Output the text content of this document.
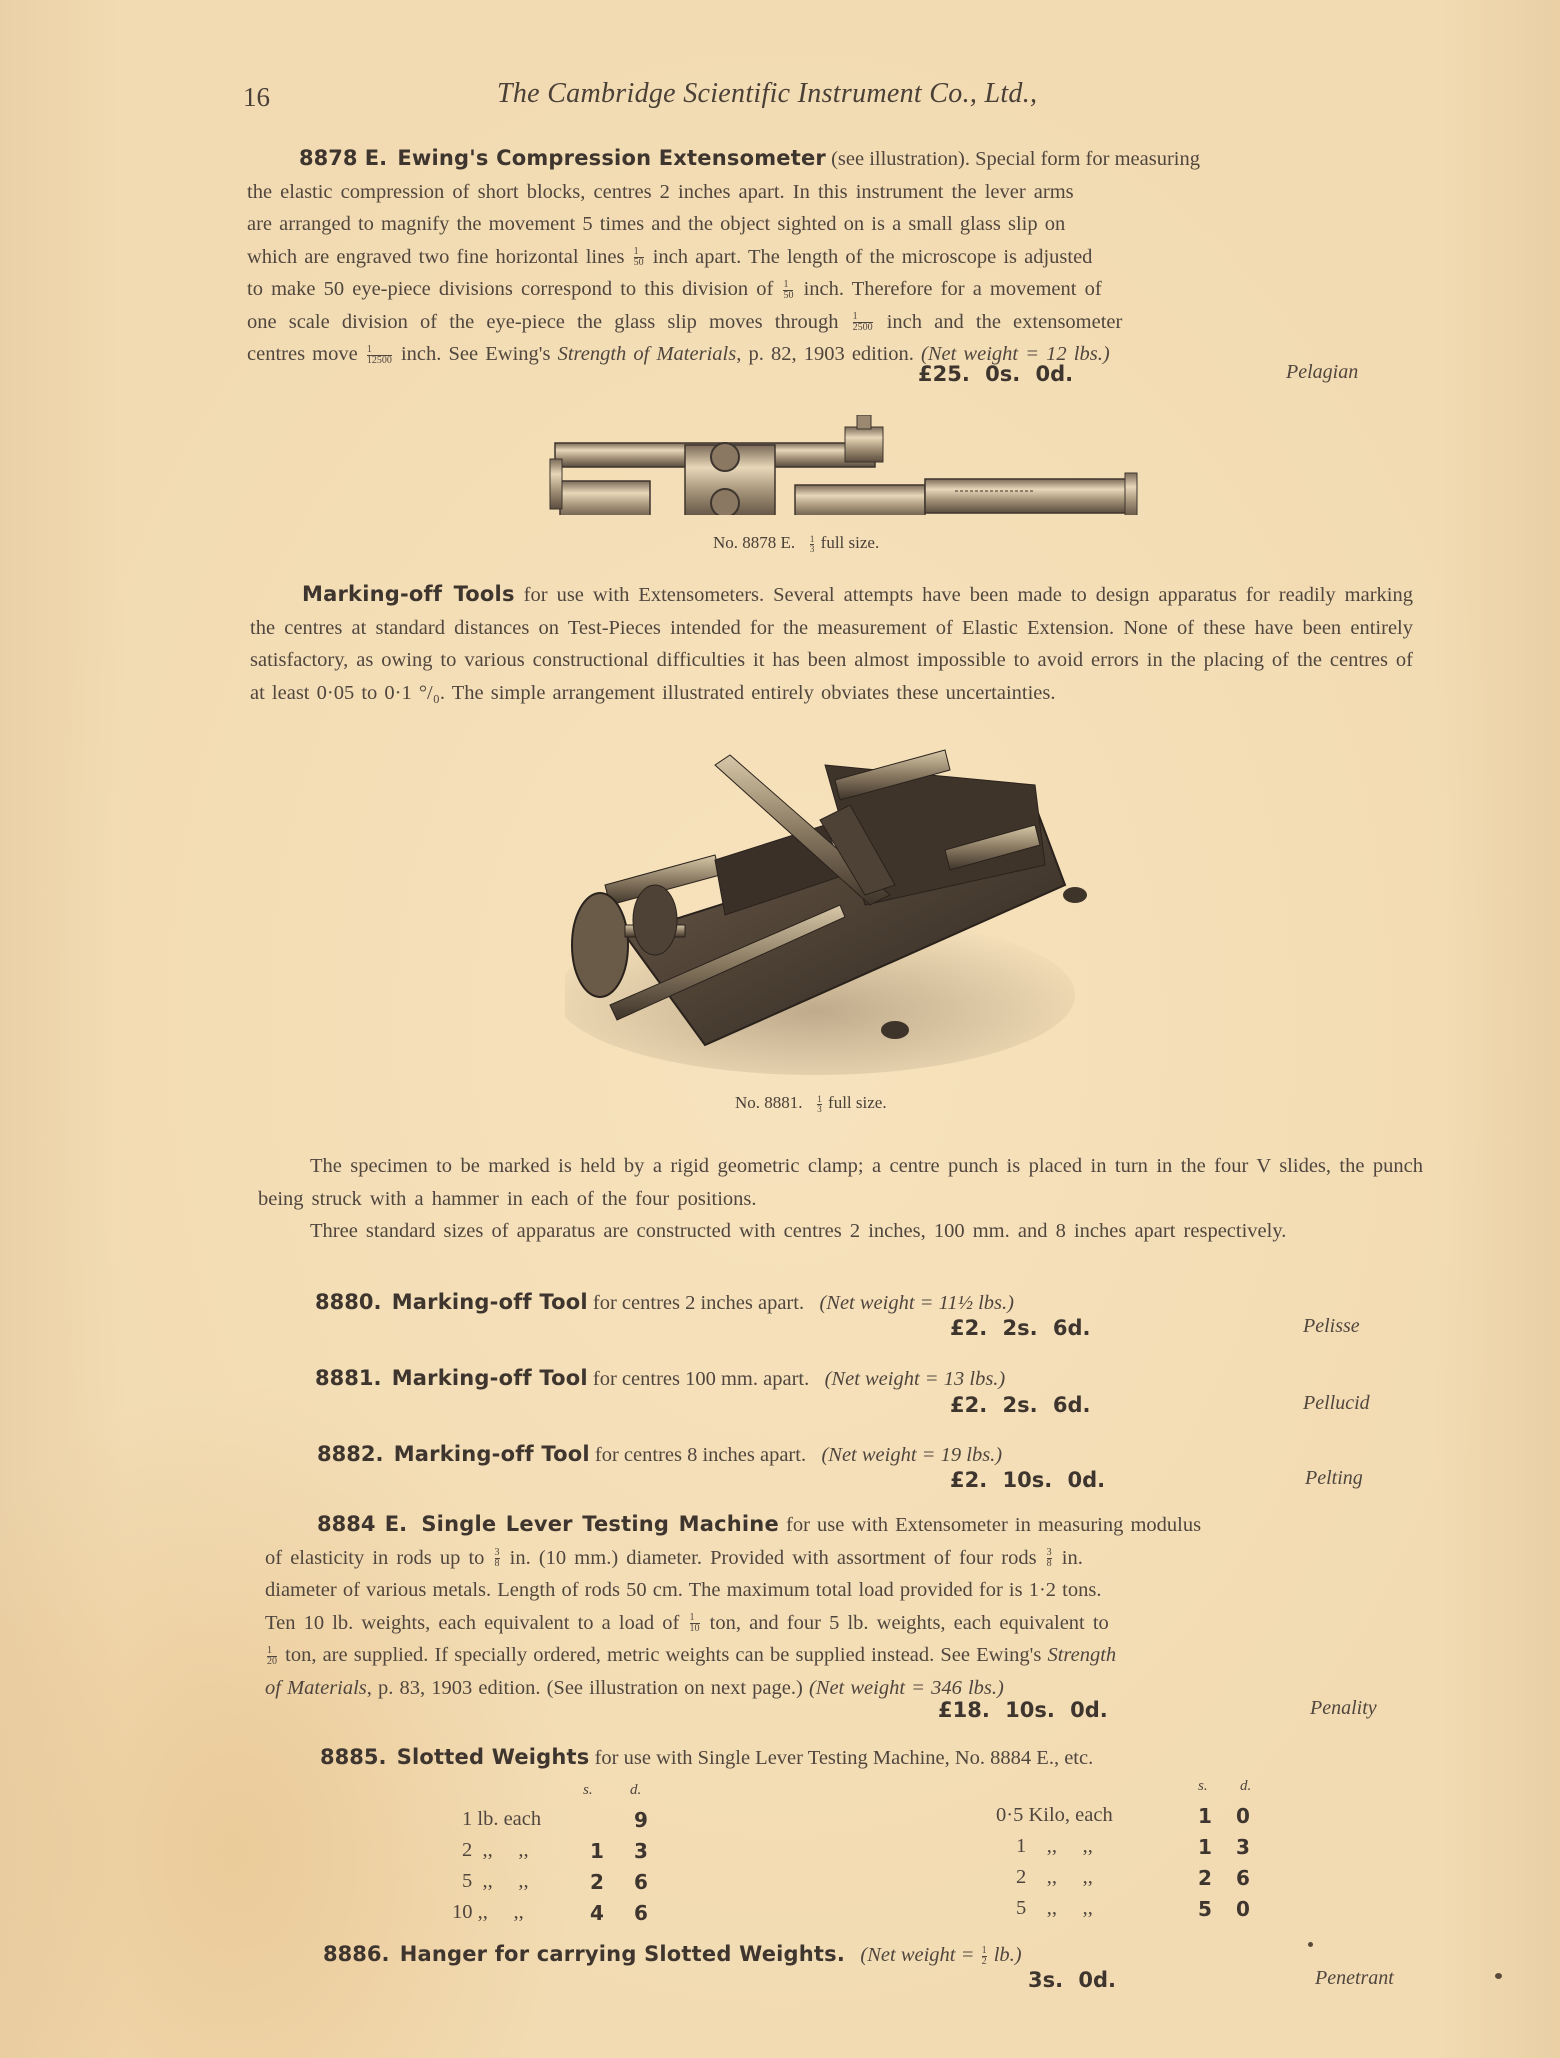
16	The Cambridge Scientific Instrument Co., Ltd.,
8878 E. Ewing's Compression Extensometer (see illustration). Special form for measuring
the elastic compression of short blocks, centres 2 inches apart. In this instrument the lever arms
are arranged to magnify the movement 5 times and the object sighted on is a small glass slip on
which are engraved two fine horizontal lines $\frac{1}{50}$ inch apart. The length of the microscope is adjusted
to make 50 eye-piece divisions correspond to this division of $\frac{1}{50}$ inch. Therefore for a movement of
one scale division of the eye-piece the glass slip moves through $\frac{1}{2500}$ inch and the extensometer
centres move $\frac{1}{12500}$ inch. See Ewing's Strength of Materials, p. 82, 1903 edition. (Net weight = 12 lbs.)
£25. 0s. 0d.	Pelagian
No. 8878 E. $\frac{1}{3}$ full size.
Marking-off Tools for use with Extensometers. Several attempts have been made to design apparatus for readily marking the centres at standard distances on Test-Pieces intended for the measurement of Elastic Extension. None of these have been entirely satisfactory, as owing to various constructional difficulties it has been almost impossible to avoid errors in the placing of the centres of at least 0·05 to 0·1 °/₀. The simple arrangement illustrated entirely obviates these uncertainties.
No. 8881. $\frac{1}{3}$ full size.
The specimen to be marked is held by a rigid geometric clamp; a centre punch is placed in turn in the four V slides, the punch being struck with a hammer in each of the four positions.
Three standard sizes of apparatus are constructed with centres 2 inches, 100 mm. and 8 inches apart respectively.
8880. Marking-off Tool for centres 2 inches apart. (Net weight = 11½ lbs.)
£2. 2s. 6d.	Pelisse
8881. Marking-off Tool for centres 100 mm. apart. (Net weight = 13 lbs.)
£2. 2s. 6d.	Pellucid
8882. Marking-off Tool for centres 8 inches apart. (Net weight = 19 lbs.)
£2. 10s. 0d.	Pelting
8884 E. Single Lever Testing Machine for use with Extensometer in measuring modulus
of elasticity in rods up to $\frac{3}{8}$ in. (10 mm.) diameter. Provided with assortment of four rods $\frac{3}{8}$ in.
diameter of various metals. Length of rods 50 cm. The maximum total load provided for is 1·2 tons.
Ten 10 lb. weights, each equivalent to a load of $\frac{1}{10}$ ton, and four 5 lb. weights, each equivalent to
$\frac{1}{20}$ ton, are supplied. If specially ordered, metric weights can be supplied instead. See Ewing's Strength
of Materials, p. 83, 1903 edition. (See illustration on next page.) (Net weight = 346 lbs.)
£18. 10s. 0d.	Penality
8885. Slotted Weights for use with Single Lever Testing Machine, No. 8884 E., etc.
s. d.
1 lb. each	9
2  ,,     ,,	1 3
5  ,,     ,,	2 6
10 ,,     ,,	4 6
s. d.
0·5 Kilo, each	1 0
1    ,,     ,,	1 3
2    ,,     ,,	2 6
5    ,,     ,,	5 0
8886. Hanger for carrying Slotted Weights. (Net weight = $\frac{1}{2} lb$.)
3s. 0d.	Penetrant
